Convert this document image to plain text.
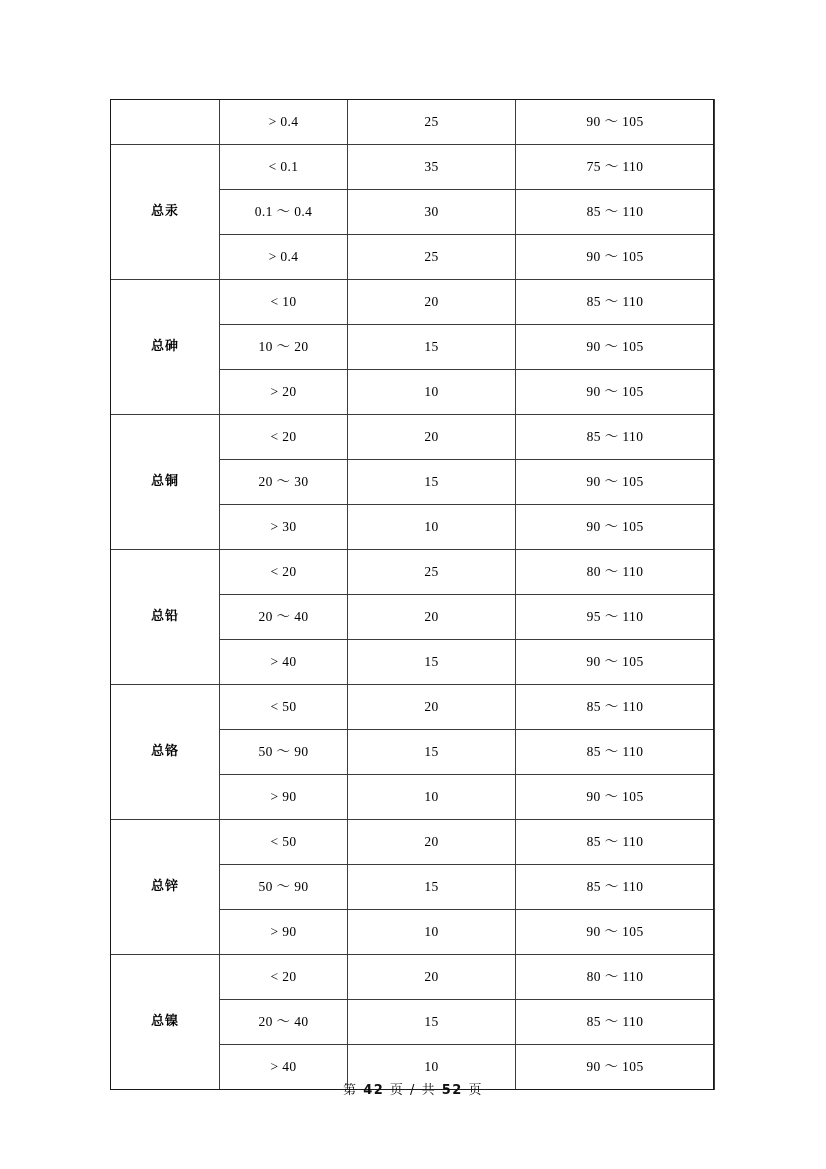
	> 0.4	25	90 ～ 105
总汞	< 0.1	35	75 ～ 110
	0.1 ～ 0.4	30	85 ～ 110
	> 0.4	25	90 ～ 105
总砷	< 10	20	85 ～ 110
	10 ～ 20	15	90 ～ 105
	> 20	10	90 ～ 105
总铜	< 20	20	85 ～ 110
	20 ～ 30	15	90 ～ 105
	> 30	10	90 ～ 105
总铅	< 20	25	80 ～ 110
	20 ～ 40	20	95 ～ 110
	> 40	15	90 ～ 105
总铬	< 50	20	85 ～ 110
	50 ～ 90	15	85 ～ 110
	> 90	10	90 ～ 105
总锌	< 50	20	85 ～ 110
	50 ～ 90	15	85 ～ 110
	> 90	10	90 ～ 105
总镍	< 20	20	80 ～ 110
	20 ～ 40	15	85 ～ 110
	> 40	10	90 ～ 105
第 42 页 / 共 52 页
